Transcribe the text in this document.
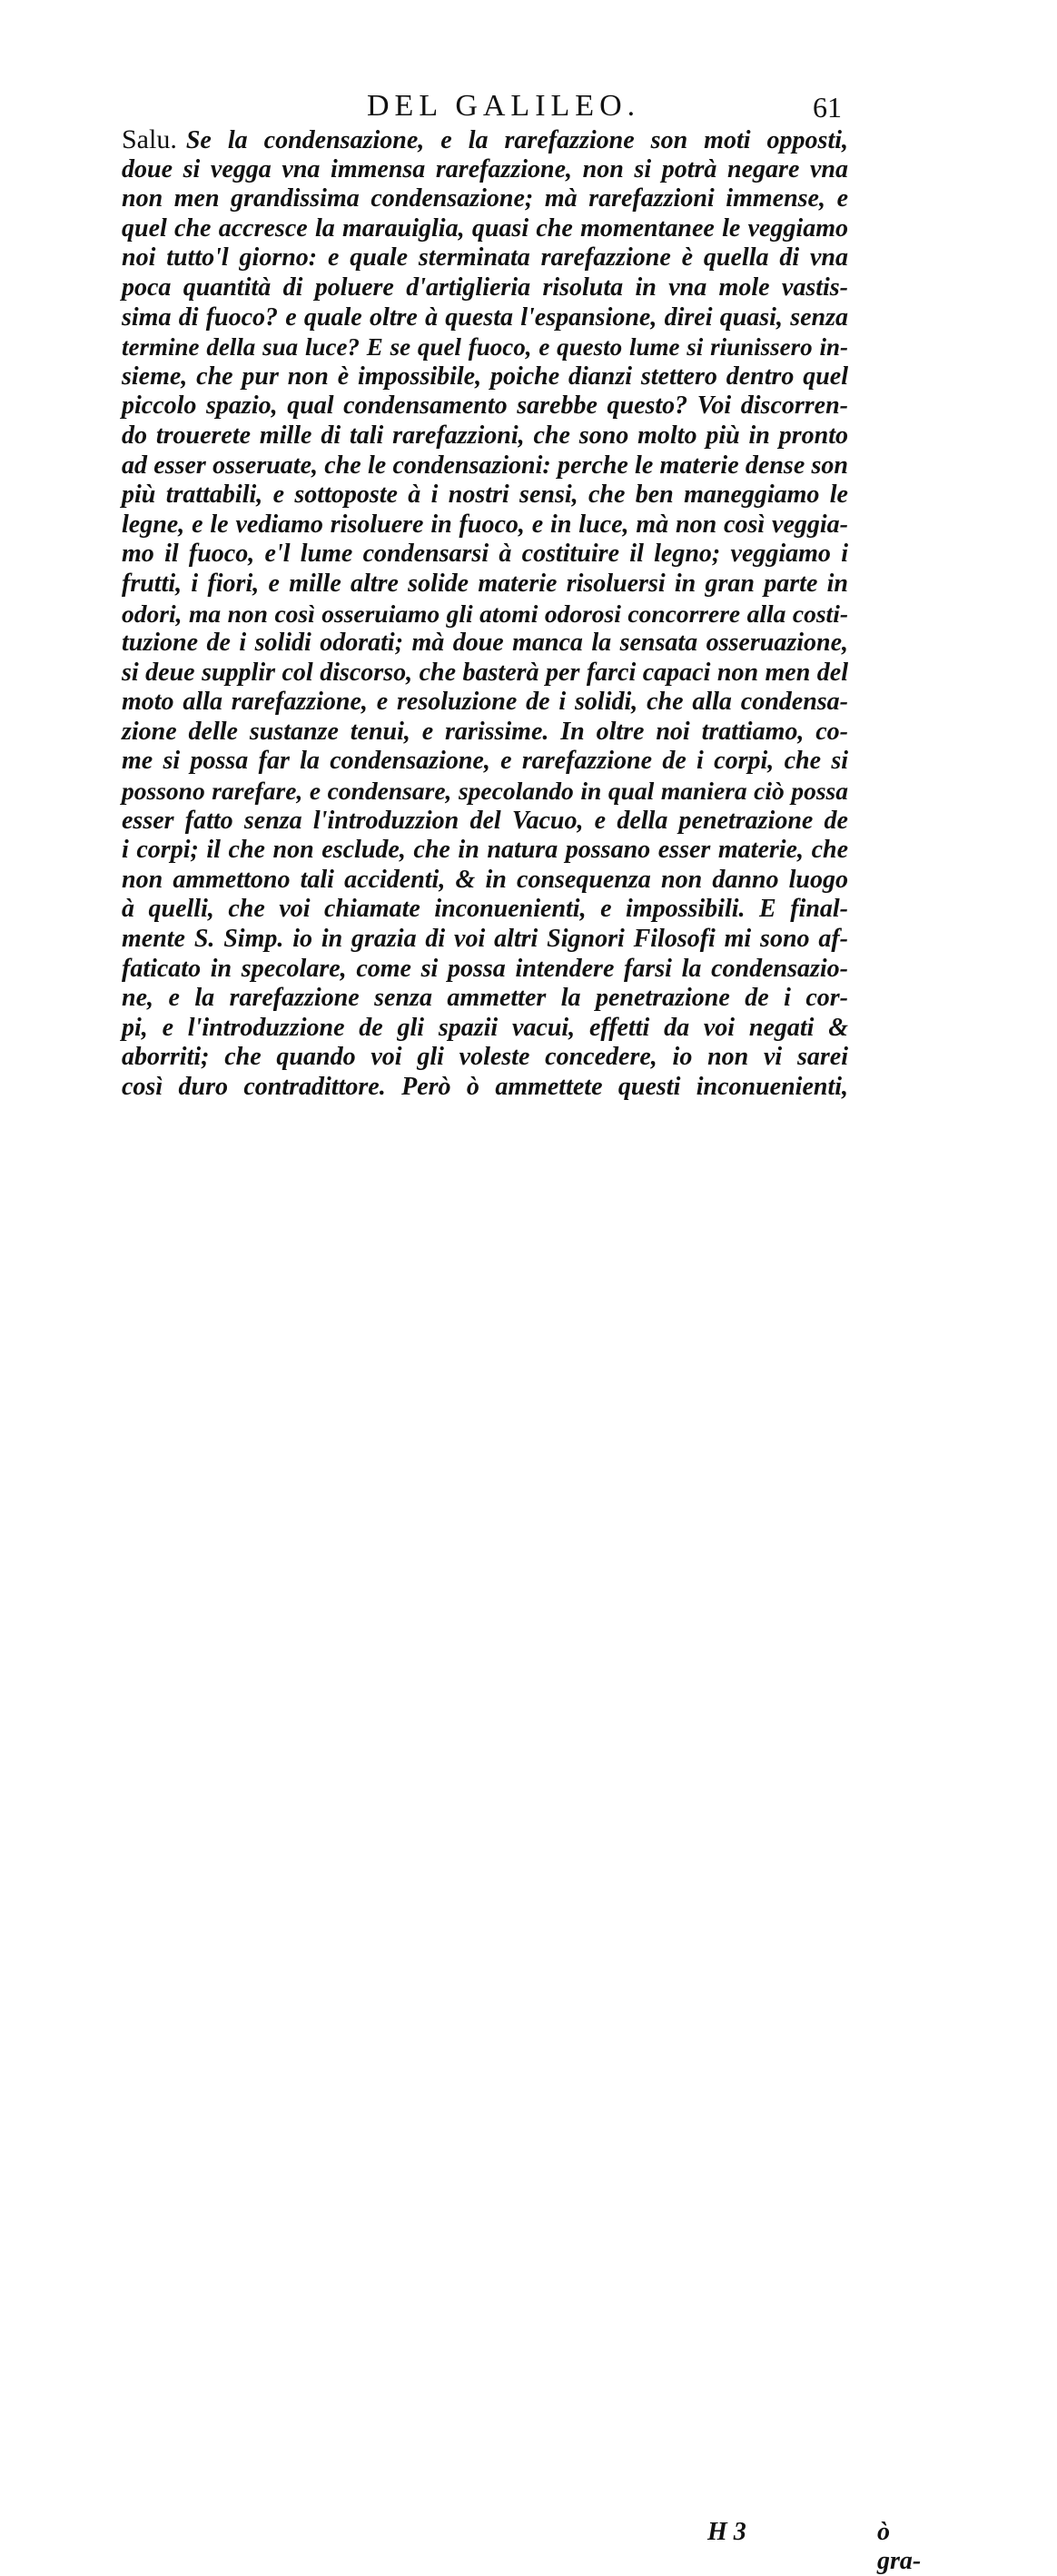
DEL GALILEO.	61
Salu. Se la condensazione, e la rarefazzione son moti opposti,
doue si vegga vna immensa rarefazzione, non si potrà negare vna
non men grandissima condensazione; mà rarefazzioni immense, e
quel che accresce la marauiglia, quasi che momentanee le veggiamo
noi tutto'l giorno: e quale sterminata rarefazzione è quella di vna
poca quantità di poluere d'artiglieria risoluta in vna mole vastis-
sima di fuoco? e quale oltre à questa l'espansione, direi quasi, senza
termine della sua luce? E se quel fuoco, e questo lume si riunissero in-
sieme, che pur non è impossibile, poiche dianzi stettero dentro quel
piccolo spazio, qual condensamento sarebbe questo? Voi discorren-
do trouerete mille di tali rarefazzioni, che sono molto più in pronto
ad esser osseruate, che le condensazioni: perche le materie dense son
più trattabili, e sottoposte à i nostri sensi, che ben maneggiamo le
legne, e le vediamo risoluere in fuoco, e in luce, mà non così veggia-
mo il fuoco, e'l lume condensarsi à costituire il legno; veggiamo i
frutti, i fiori, e mille altre solide materie risoluersi in gran parte in
odori, ma non così osseruiamo gli atomi odorosi concorrere alla costi-
tuzione de i solidi odorati; mà doue manca la sensata osseruazione,
si deue supplir col discorso, che basterà per farci capaci non men del
moto alla rarefazzione, e resoluzione de i solidi, che alla condensa-
zione delle sustanze tenui, e rarissime. In oltre noi trattiamo, co-
me si possa far la condensazione, e rarefazzione de i corpi, che si
possono rarefare, e condensare, specolando in qual maniera ciò possa
esser fatto senza l'introduzzion del Vacuo, e della penetrazione de
i corpi; il che non esclude, che in natura possano esser materie, che
non ammettono tali accidenti, & in consequenza non danno luogo
à quelli, che voi chiamate inconuenienti, e impossibili. E final-
mente S. Simp. io in grazia di voi altri Signori Filosofi mi sono af-
faticato in specolare, come si possa intendere farsi la condensazio-
ne, e la rarefazzione senza ammetter la penetrazione de i cor-
pi, e l'introduzzione de gli spazii vacui, effetti da voi negati &
aborriti; che quando voi gli voleste concedere, io non vi sarei
così duro contradittore. Però ò ammettete questi inconuenienti,
H 3	ò gra-
